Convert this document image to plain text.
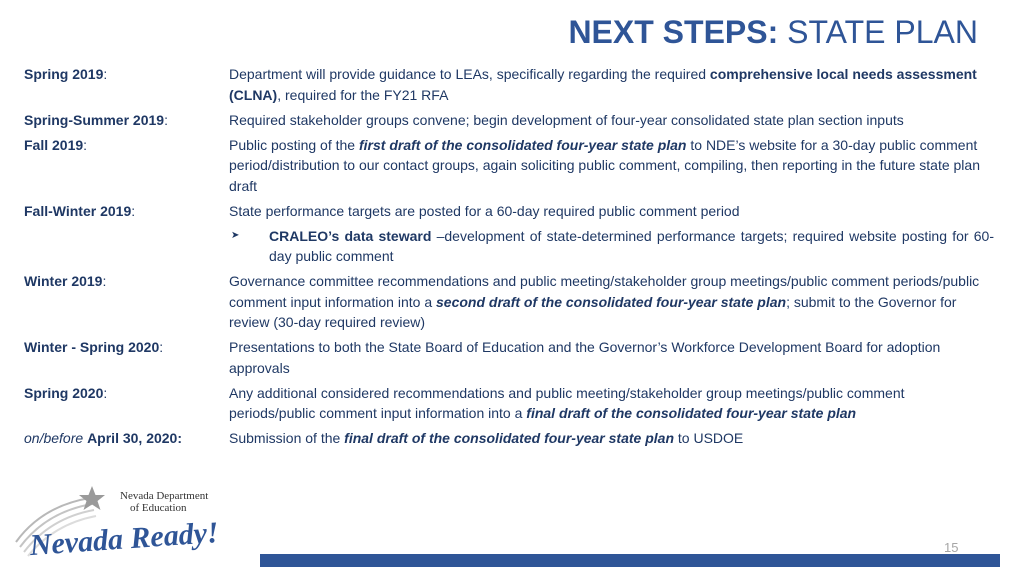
NEXT STEPS: STATE PLAN
Spring 2019:	Department will provide guidance to LEAs, specifically regarding the required comprehensive local needs assessment (CLNA), required for the FY21 RFA
Spring-Summer 2019:	Required stakeholder groups convene; begin development of four-year consolidated state plan section inputs
Fall 2019:	Public posting of the first draft of the consolidated four-year state plan to NDE’s website for a 30-day public comment period/distribution to our contact groups, again soliciting public comment, compiling, then reporting in the future state plan draft
Fall-Winter 2019:	State performance targets are posted for a 60-day required public comment period
➤	CRALEO’s data steward –development of state-determined performance targets; required website posting for 60-day public comment
Winter 2019:	Governance committee recommendations and public meeting/stakeholder group meetings/public comment periods/public comment input information into a second draft of the consolidated four-year state plan; submit to the Governor for review (30-day required review)
Winter - Spring 2020:	Presentations to both the State Board of Education and the Governor’s Workforce Development Board for adoption approvals
Spring 2020:	Any additional considered recommendations and public meeting/stakeholder group meetings/public comment periods/public comment input information into a final draft of the consolidated four-year state plan
on/before April 30, 2020:	Submission of the final draft of the consolidated four-year state plan to USDOE
Nevada Department
of Education
Nevada Ready!	15
